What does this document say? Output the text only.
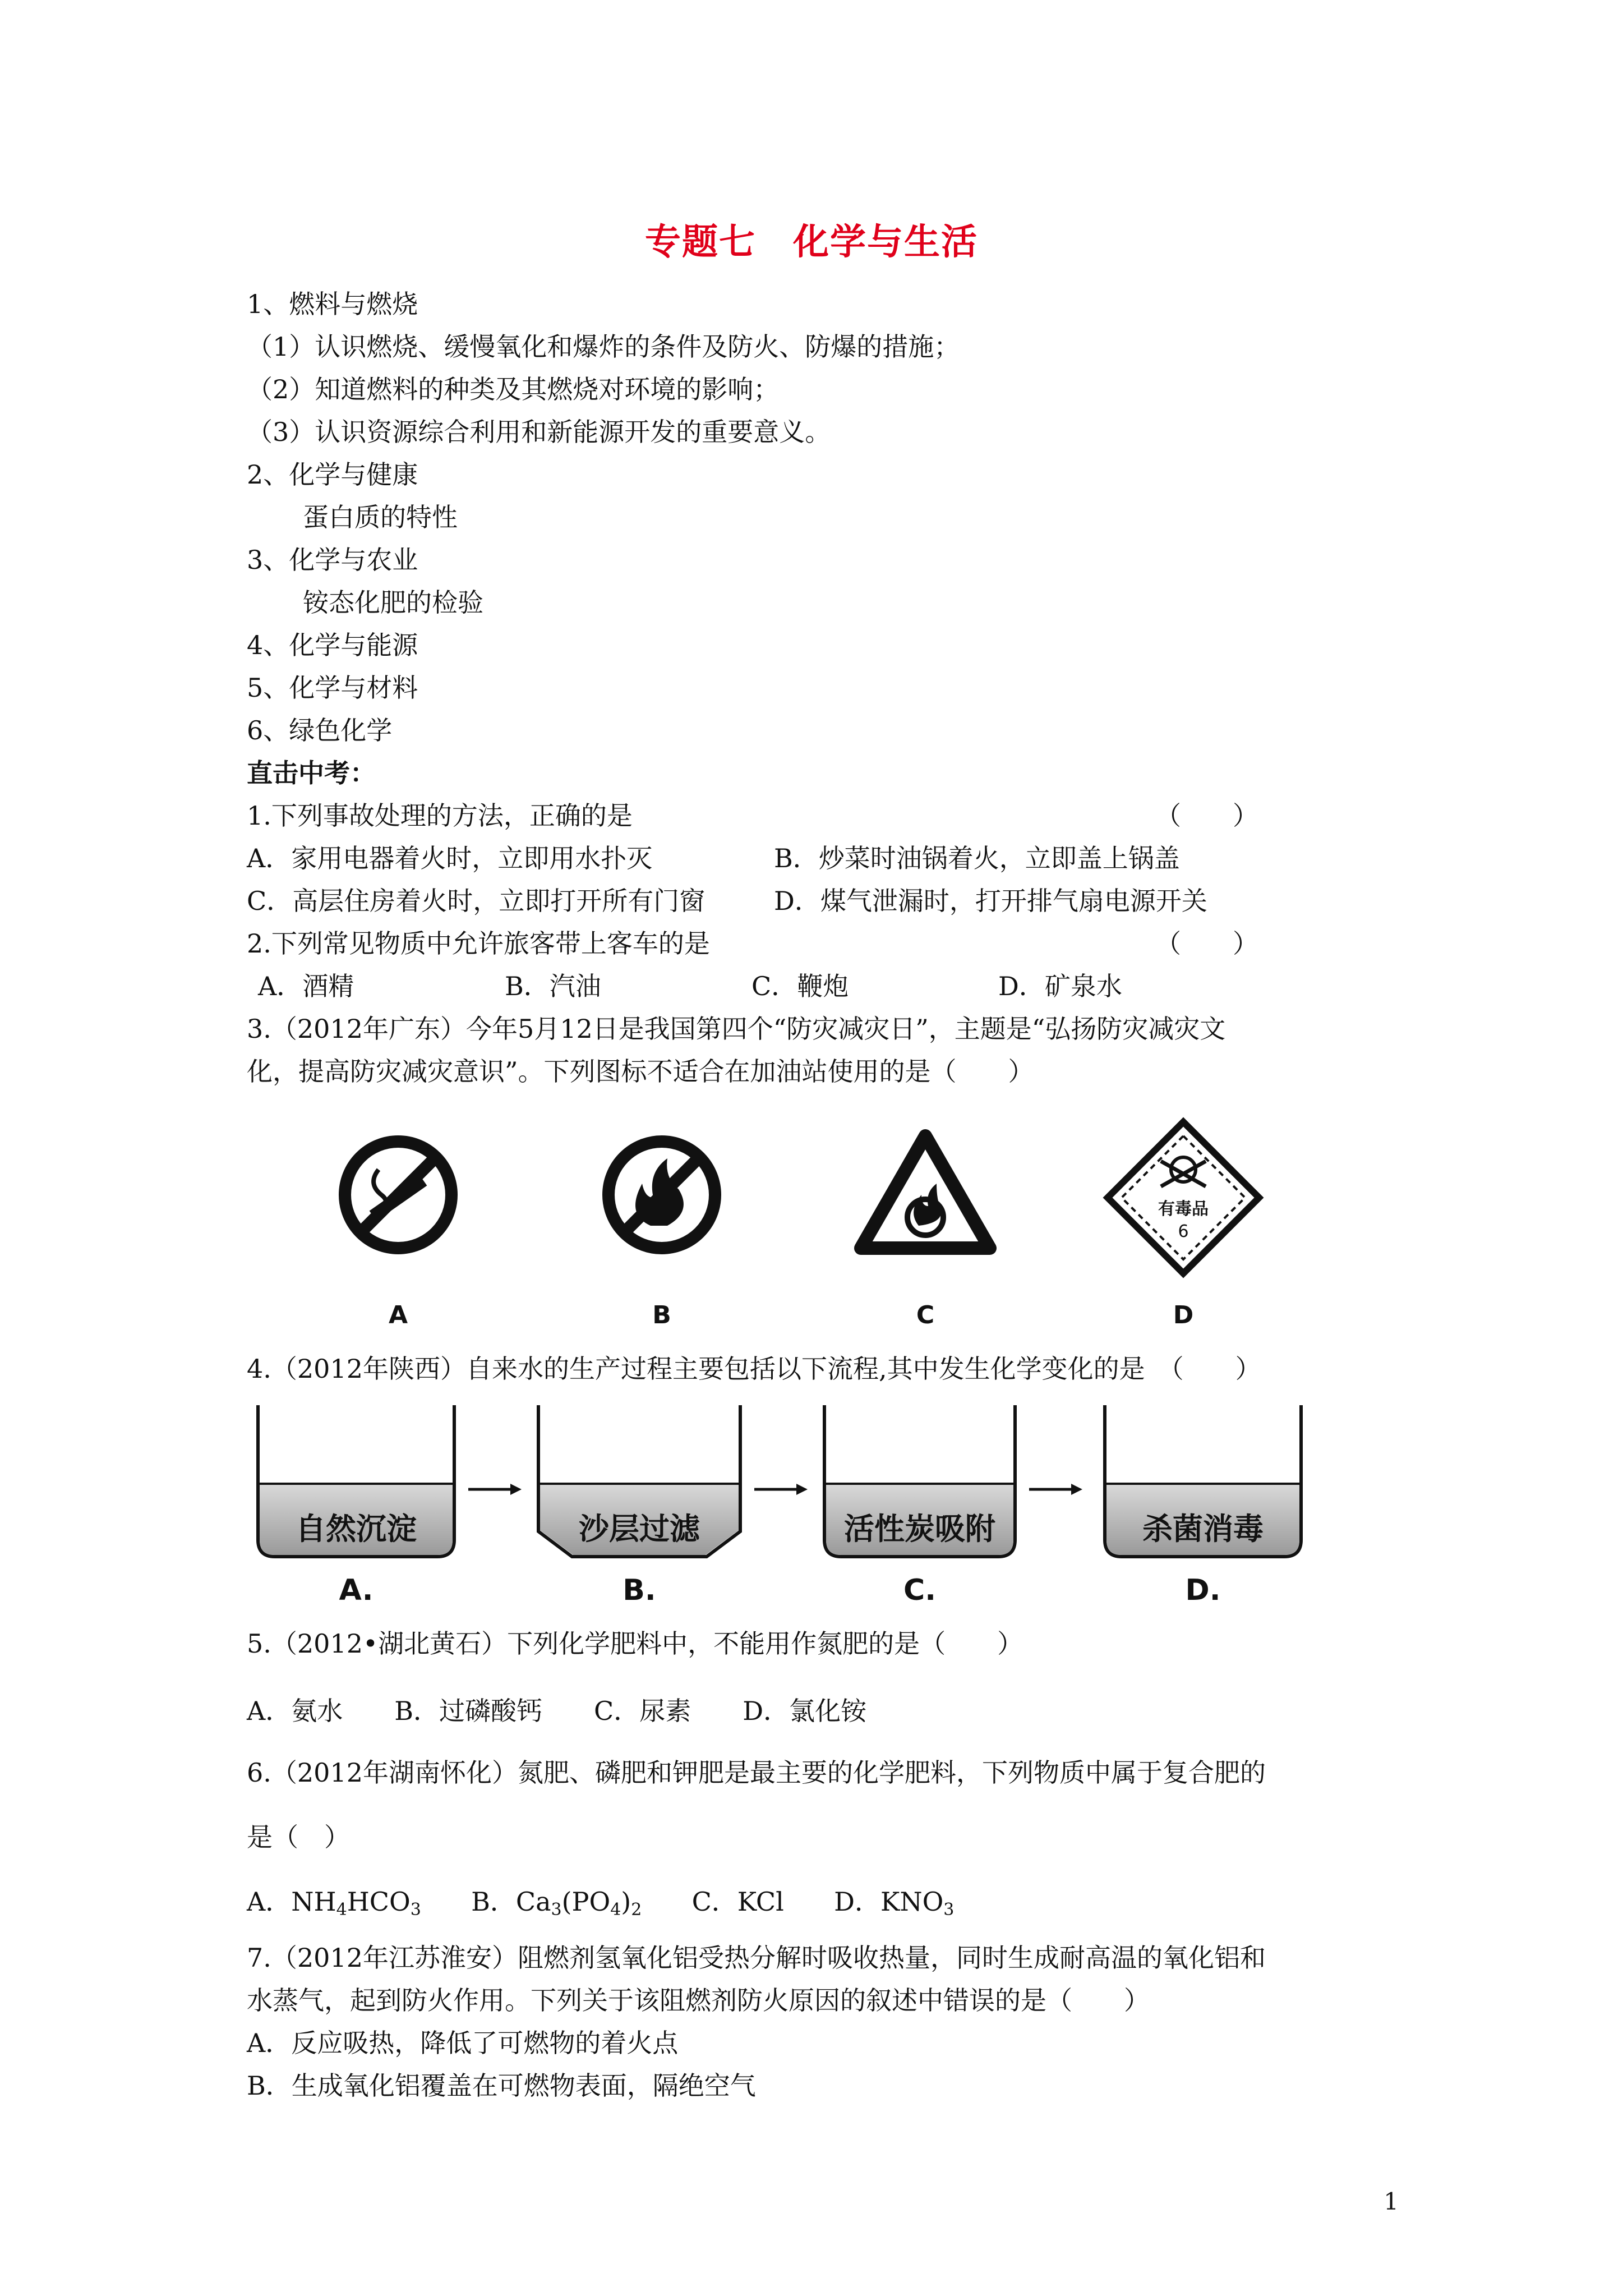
专题七　化学与生活
1、燃料与燃烧
（1）认识燃烧、缓慢氧化和爆炸的条件及防火、防爆的措施；
（2）知道燃料的种类及其燃烧对环境的影响；
（3）认识资源综合利用和新能源开发的重要意义。
2、化学与健康
蛋白质的特性
3、化学与农业
铵态化肥的检验
4、化学与能源
5、化学与材料
6、绿色化学
直击中考：
1.下列事故处理的方法，正确的是	（　　）
A．家用电器着火时，立即用水扑灭	B．炒菜时油锅着火，立即盖上锅盖
C．高层住房着火时，立即打开所有门窗	D．煤气泄漏时，打开排气扇电源开关
2.下列常见物质中允许旅客带上客车的是	（　　）
A．酒精	B．汽油	C．鞭炮	D．矿泉水
3.（2012年广东）今年5月12日是我国第四个“防灾减灾日”，主题是“弘扬防灾减灾文
化，提高防灾减灾意识”。下列图标不适合在加油站使用的是（　　）
A	B	C
有毒品
6
D
4.（2012年陕西）自来水的生产过程主要包括以下流程,其中发生化学变化的是　（　　）
自然沉淀	沙层过滤	活性炭吸附	杀菌消毒
A.	B.	C.	D.
5.（2012•湖北黄石）下列化学肥料中，不能用作氮肥的是（　　）
A．氨水　　B．过磷酸钙　　C．尿素　　D．氯化铵
6.（2012年湖南怀化）氮肥、磷肥和钾肥是最主要的化学肥料，下列物质中属于复合肥的
是（　）
A．$NH_4HCO_3$ B．$Ca_3(PO_4)_2$ C．KCl D．$KNO_3$
7.（2012年江苏淮安）阻燃剂氢氧化铝受热分解时吸收热量，同时生成耐高温的氧化铝和
水蒸气，起到防火作用。下列关于该阻燃剂防火原因的叙述中错误的是（　　）
A．反应吸热，降低了可燃物的着火点
B．生成氧化铝覆盖在可燃物表面，隔绝空气
1
